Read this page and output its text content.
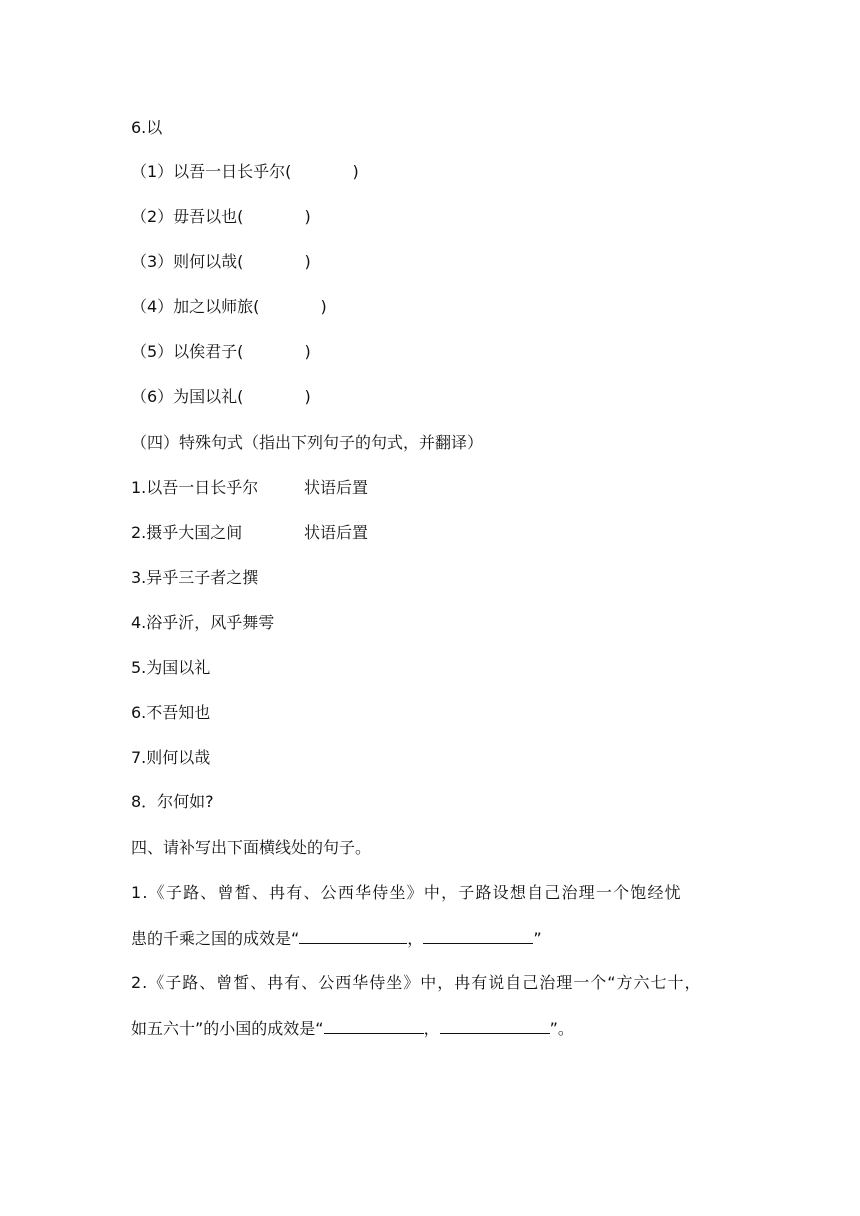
6.以
（1）以吾一日长乎尔(            )
（2）毋吾以也(            )
（3）则何以哉(            )
（4）加之以师旅(            )
（5）以俟君子(            )
（6）为国以礼(            )
（四）特殊句式（指出下列句子的句式，并翻译）
1.以吾一日长乎尔	状语后置
2.摄乎大国之间	状语后置
3.异乎三子者之撰
4.浴乎沂，风乎舞雩
5.为国以礼
6.不吾知也
7.则何以哉
8．尔何如?
四、请补写出下面横线处的句子。
1.《子路、曾皙、冉有、公西华侍坐》中，子路设想自己治理一个饱经忧
患的千乘之国的成效是“	，	”
2.《子路、曾皙、冉有、公西华侍坐》中，冉有说自己治理一个“方六七十，
如五六十”的小国的成效是“	，	”。
